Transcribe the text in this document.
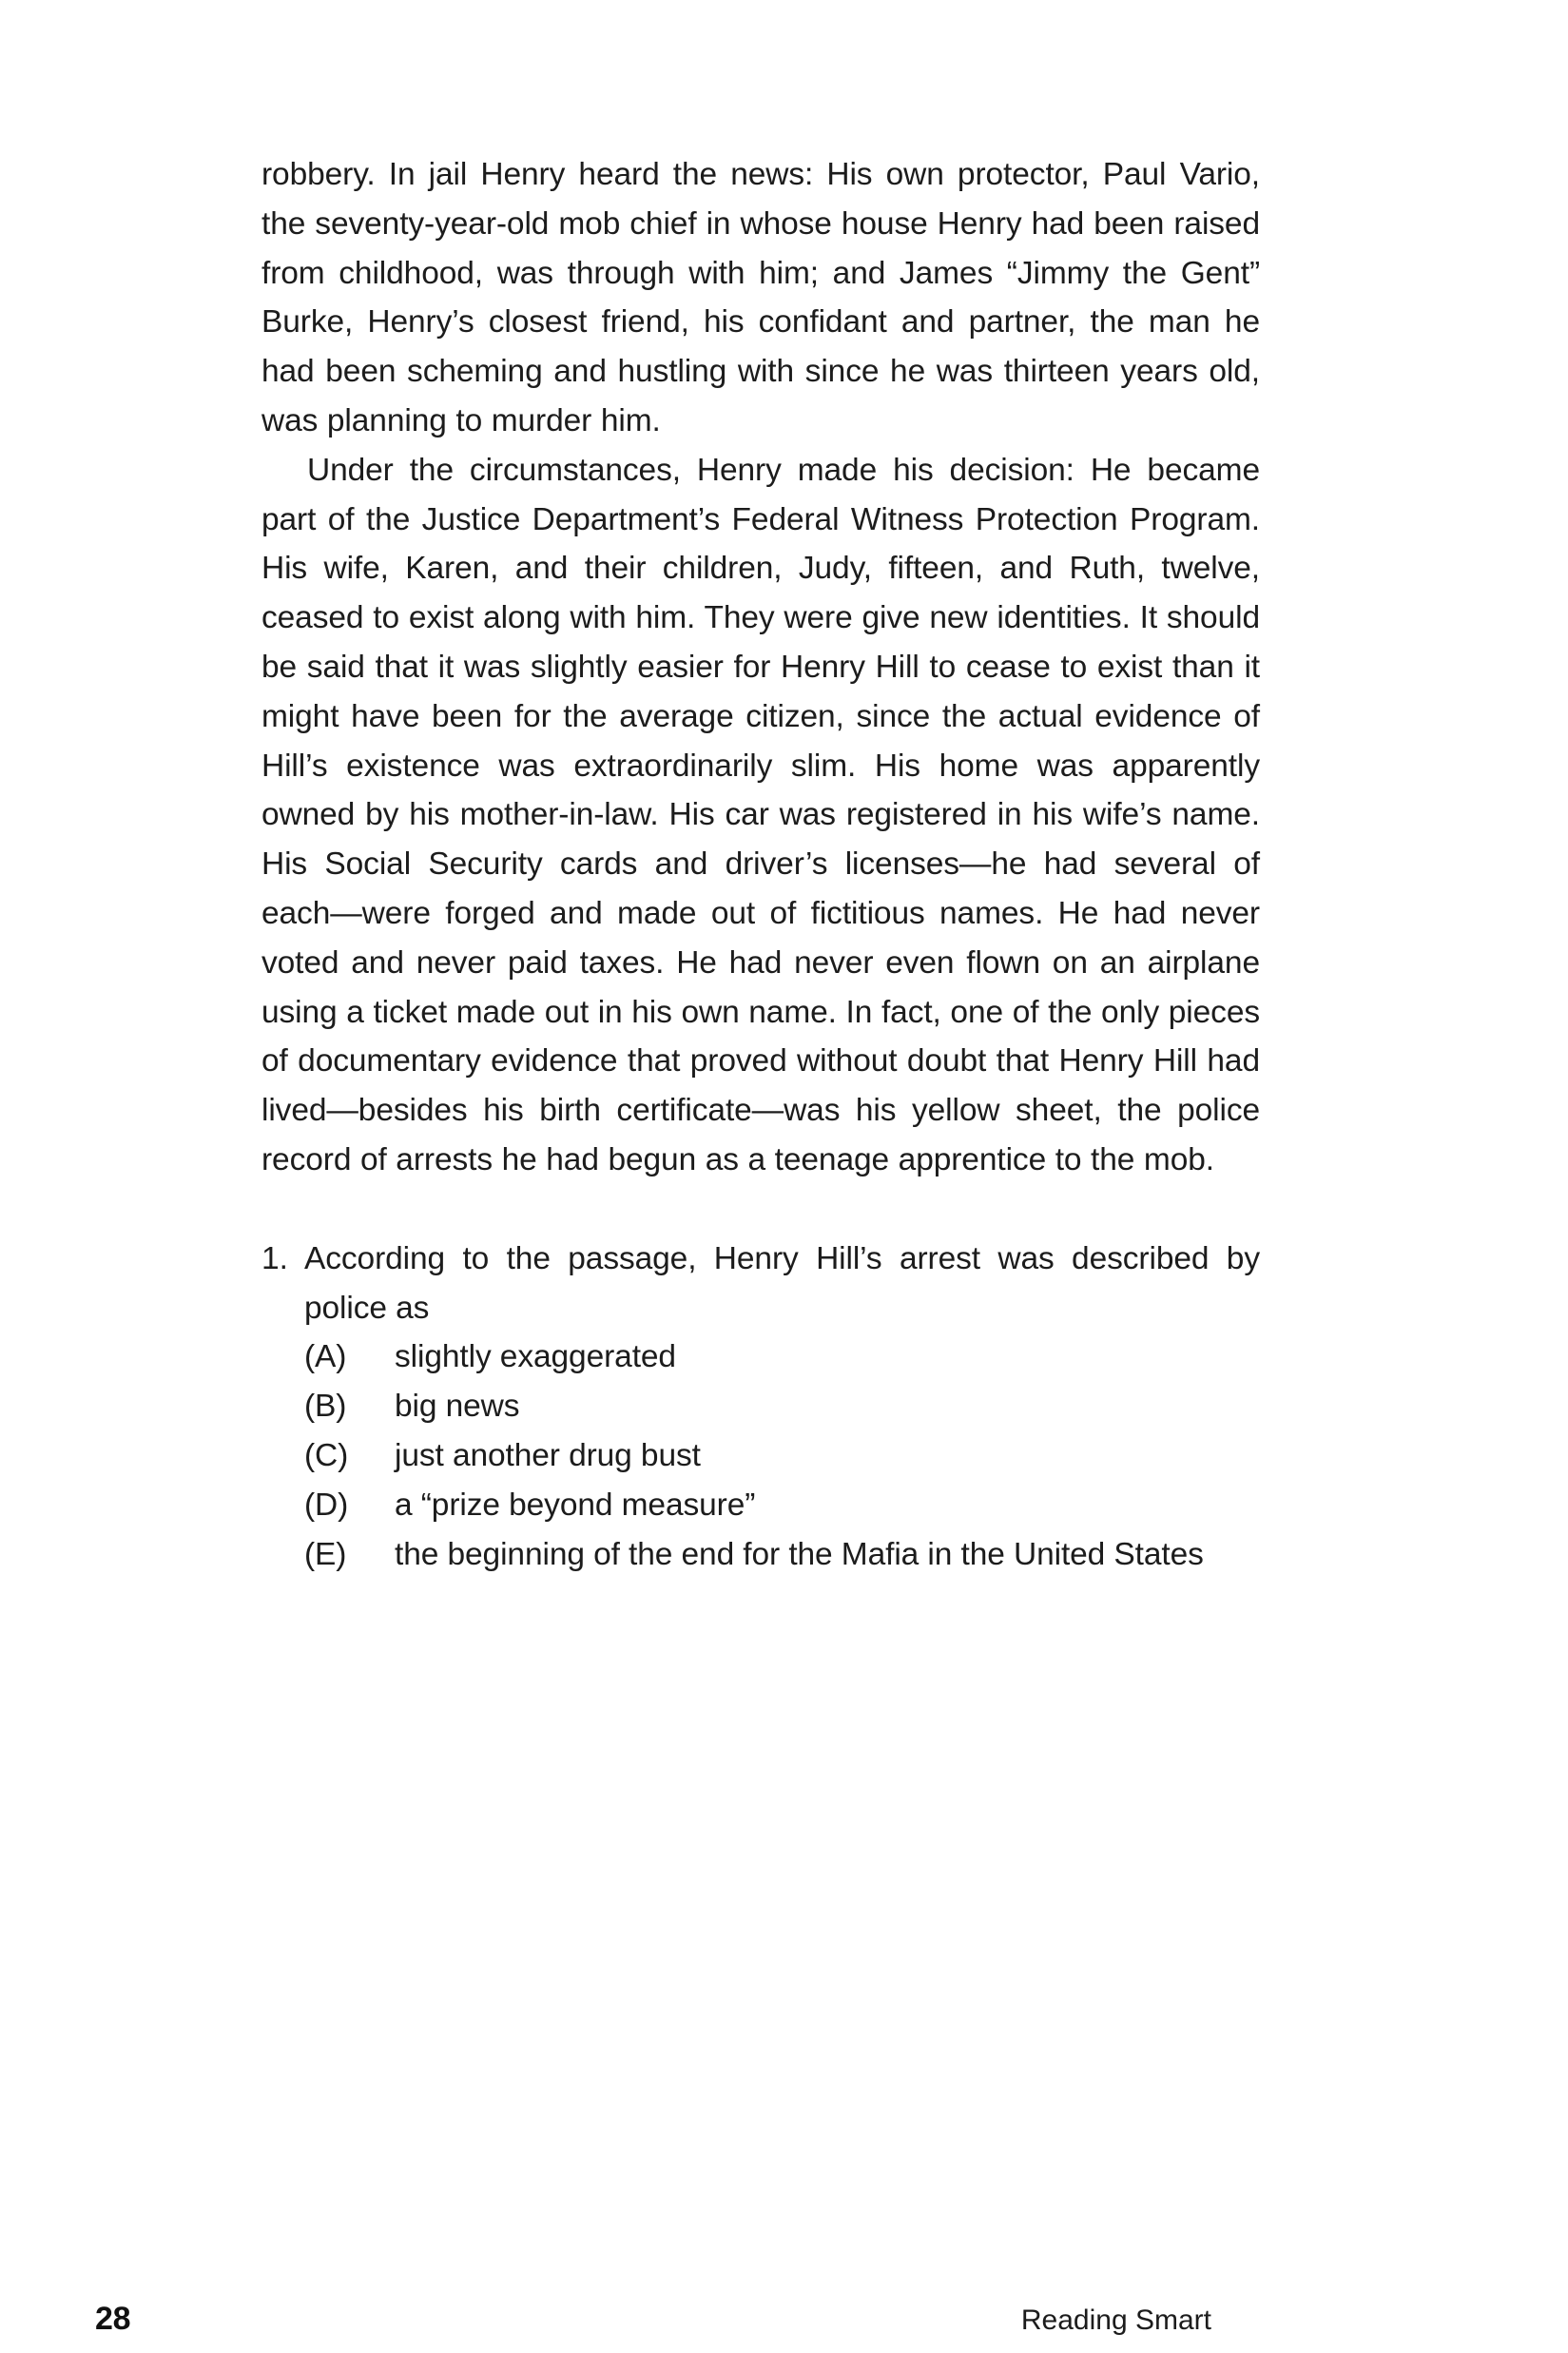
robbery. In jail Henry heard the news: His own protector, Paul Vario, the seventy-year-old mob chief in whose house Henry had been raised from childhood, was through with him; and James “Jimmy the Gent” Burke, Henry’s closest friend, his confidant and partner, the man he had been scheming and hustling with since he was thirteen years old, was planning to murder him.

Under the circumstances, Henry made his decision: He became part of the Justice Department’s Federal Witness Protection Program. His wife, Karen, and their children, Judy, fifteen, and Ruth, twelve, ceased to exist along with him. They were give new identities. It should be said that it was slightly easier for Henry Hill to cease to exist than it might have been for the average citizen, since the actual evidence of Hill’s existence was extraordinarily slim. His home was apparently owned by his mother-in-law. His car was registered in his wife’s name. His Social Security cards and driver’s licenses—he had several of each—were forged and made out of fictitious names. He had never voted and never paid taxes. He had never even flown on an airplane using a ticket made out in his own name. In fact, one of the only pieces of documentary evidence that proved without doubt that Henry Hill had lived—besides his birth certificate—was his yellow sheet, the police record of arrests he had begun as a teenage apprentice to the mob.

1. According to the passage, Henry Hill’s arrest was described by police as
(A)	slightly exaggerated
(B)	big news
(C)	just another drug bust
(D)	a “prize beyond measure”
(E)	the beginning of the end for the Mafia in the United States
28	Reading Smart
